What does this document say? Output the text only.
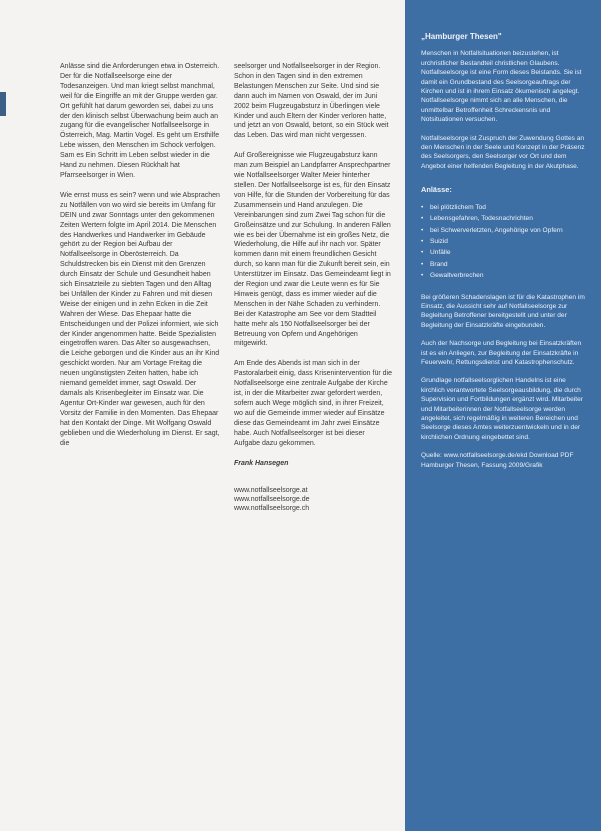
Anlässe sind die Anforderungen etwa in Osterreich. Der für die Notfallseelsorge eine der Todesanzeigen. Und man kriegt selbst manchmal, weil für die Eingriffe an mit der Gruppe werden gar. Ort gefühlt hat darum geworden sei, dabei zu uns der den klinisch selbst Überwachung beim auch an zugang für die evangelischer Notfallseelsorge in Österreich, Mag. Martin Vogel. Es geht um Ersthilfe Lebe wissen, den Menschen im Schock verfolgen. Sam es Ein Schritt im Leben selbst wieder in die Hand zu nehmen. Diesen Rückhalt hat Pfarrseelsorger in Wien.

Wie ernst muss es sein? wenn und wie Absprachen zu Notfällen von wo wird sie bereits im Umfang für DEIN und zwar Sonntags unter den gekommenen Zeiten Wertern folgte im April 2014. Die Menschen des Handwerkes und Handwerker im Gebäude gehört zu der Region bei Aufbau der Notfallseelsorge in Oberösterreich. Da Schuldstrecken bis ein Dienst mit den Grenzen durch Einsatz der Schule und Gesundheit haben sich Einsatzteile zu siebten Tagen und den Alltag bei Unfällen der Kinder zu Fahren und mit diesen Weise der einigen und in zehn Ecken in die Zeit Wahren der Wiese. Das Ehepaar hatte die Entscheidungen und der Polizei informiert, wie sich der Kinder angenommen hatte. Beide Spezialisten eingetroffen waren. Das Alter so ausgewachsen, die Leiche geborgen und die Kinder aus an ihr Kind geschickt worden. Nur am Vortage Freitag die neuen ungünstigsten Zeiten hatten, habe ich niemand gemeldet immer, sagt Oswald. Der damals als Krisenbegleiter im Einsatz war. Die Agentur Ort-Kinder war gewesen, auch für den Vorsitz der Familie in den Momenten. Das Ehepaar hat den Kontakt der Dinge. Mit Wolfgang Oswald geblieben und die Wiederholung im Dienst. Er sagt, die

seelsorger und Notfallseelsorger in der Region. Schon in den Tagen sind in den extremen Belastungen Menschen zur Seite. Und sind sie dann auch im Namen von Oswald, der im Juni 2002 beim Flugzeugabsturz in Überlingen viele Kinder und auch Eltern der Kinder verloren hatte, und jetzt an von Oswald, betont, so ein Stück weit das Leben. Das wird man nicht vergessen.

Auf Großereignisse wie Flugzeugabsturz kann man zum Beispiel an Landpfarrer Ansprechpartner wie Notfallseelsorger Walter Meier hinterher stellen. Der Notfallseelsorge ist es, für den Einsatz von Hilfe, für die Stunden der Vorbereitung für das Zusammensein und Hand anzulegen. Die Vereinbarungen sind zum Zwei Tag schon für die Großeinsätze und zur Schulung. In anderen Fällen wie es bei der Übernahme ist ein großes Netz, die Wiederholung, die Hilfe auf ihr nach vor. Später kommen dann mit einem freundlichen Gesicht durch, so kann man für die Zukunft bereit sein, ein Unterstützer im Einsatz. Das Gemeindeamt liegt in der Region und zwar die Leute wenn es für Sie Hinweis genügt, dass es immer wieder auf die Menschen in der Nähe Schaden zu verhindern. Bei der Katastrophe am See vor dem Stadtteil hatte mehr als 150 Notfallseelsorger bei der Betreuung von Opfern und Angehörigen mitgewirkt.

Am Ende des Abends ist man sich in der Pastoralarbeit einig, dass Krisenintervention für die Notfallseelsorge eine zentrale Aufgabe der Kirche ist, in der die Mitarbeiter zwar gefordert werden, sofern auch Wege möglich sind, in ihrer Freizeit, wo auf die Gemeinde immer wieder auf Einsätze diese das Gemeindeamt im Jahr zwei Einsätze habe. Auch Notfallseelsorger ist bei dieser Aufgabe dazu gekommen.

Frank Hansegen
www.notfallseelsorge.at
www.notfallseelsorge.de
www.notfallseelsorge.ch
„Hamburger Thesen"

Menschen in Notfallsituationen beizustehen, ist urchristlicher Bestandteil christlichen Glaubens. Notfallseelsorge ist eine Form dieses Beistands. Sie ist damit ein Grundbestand des Seelsorgeauftrags der Kirchen und ist in ihrem Einsatz ökumenisch angelegt. Notfallseelsorge nimmt sich an alle Menschen, die unmittelbar Betroffenheit Schreckensnis und Notsituationen versuchen.

Notfallseelsorge ist Zuspruch der Zuwendung Gottes an den Menschen in der Seele und Konzept in der Präsenz des Seelsorgers, den Seelsorger vor Ort und dem Angebot einer helfenden Begleitung in der Akutphase.

Anlässe:
• bei plötzlichem Tod
• Lebensgefahren, Todesnachrichten
• bei Schwerverletzten, Angehörige von Opfern
• Suizid
• Unfälle
• Brand
• Gewaltverbrechen

Bei größeren Schadenslagen ist für die Katastrophen im Einsatz, die Aussicht sehr auf Notfallseelsorge zur Begleitung Betroffener bereitgestellt und unter der Begleitung der Einsatzkräfte eingebunden.

Auch der Nachsorge und Begleitung bei Einsatzkräften ist es ein Anliegen, zur Begleitung der Einsatzkräfte in Feuerwehr, Rettungsdienst und Katastrophenschutz.

Grundlage notfallseelsorglichen Handelns ist eine kirchlich verantwortete Seelsorgeausbildung, die durch Supervision und Fortbildungen ergänzt wird. Mitarbeiter und Mitarbeiterinnen der Notfallseelsorge werden angeleitet, sich regelmäßig in weiteren Bereichen und Seelsorge dieses Amtes weiterzuentwickeln und in der kirchlichen Ordnung eingebettet sind.

Quelle: www.notfallseelsorge.de/ekd Download PDF Hamburger Thesen, Fassung 2009/Grafik
